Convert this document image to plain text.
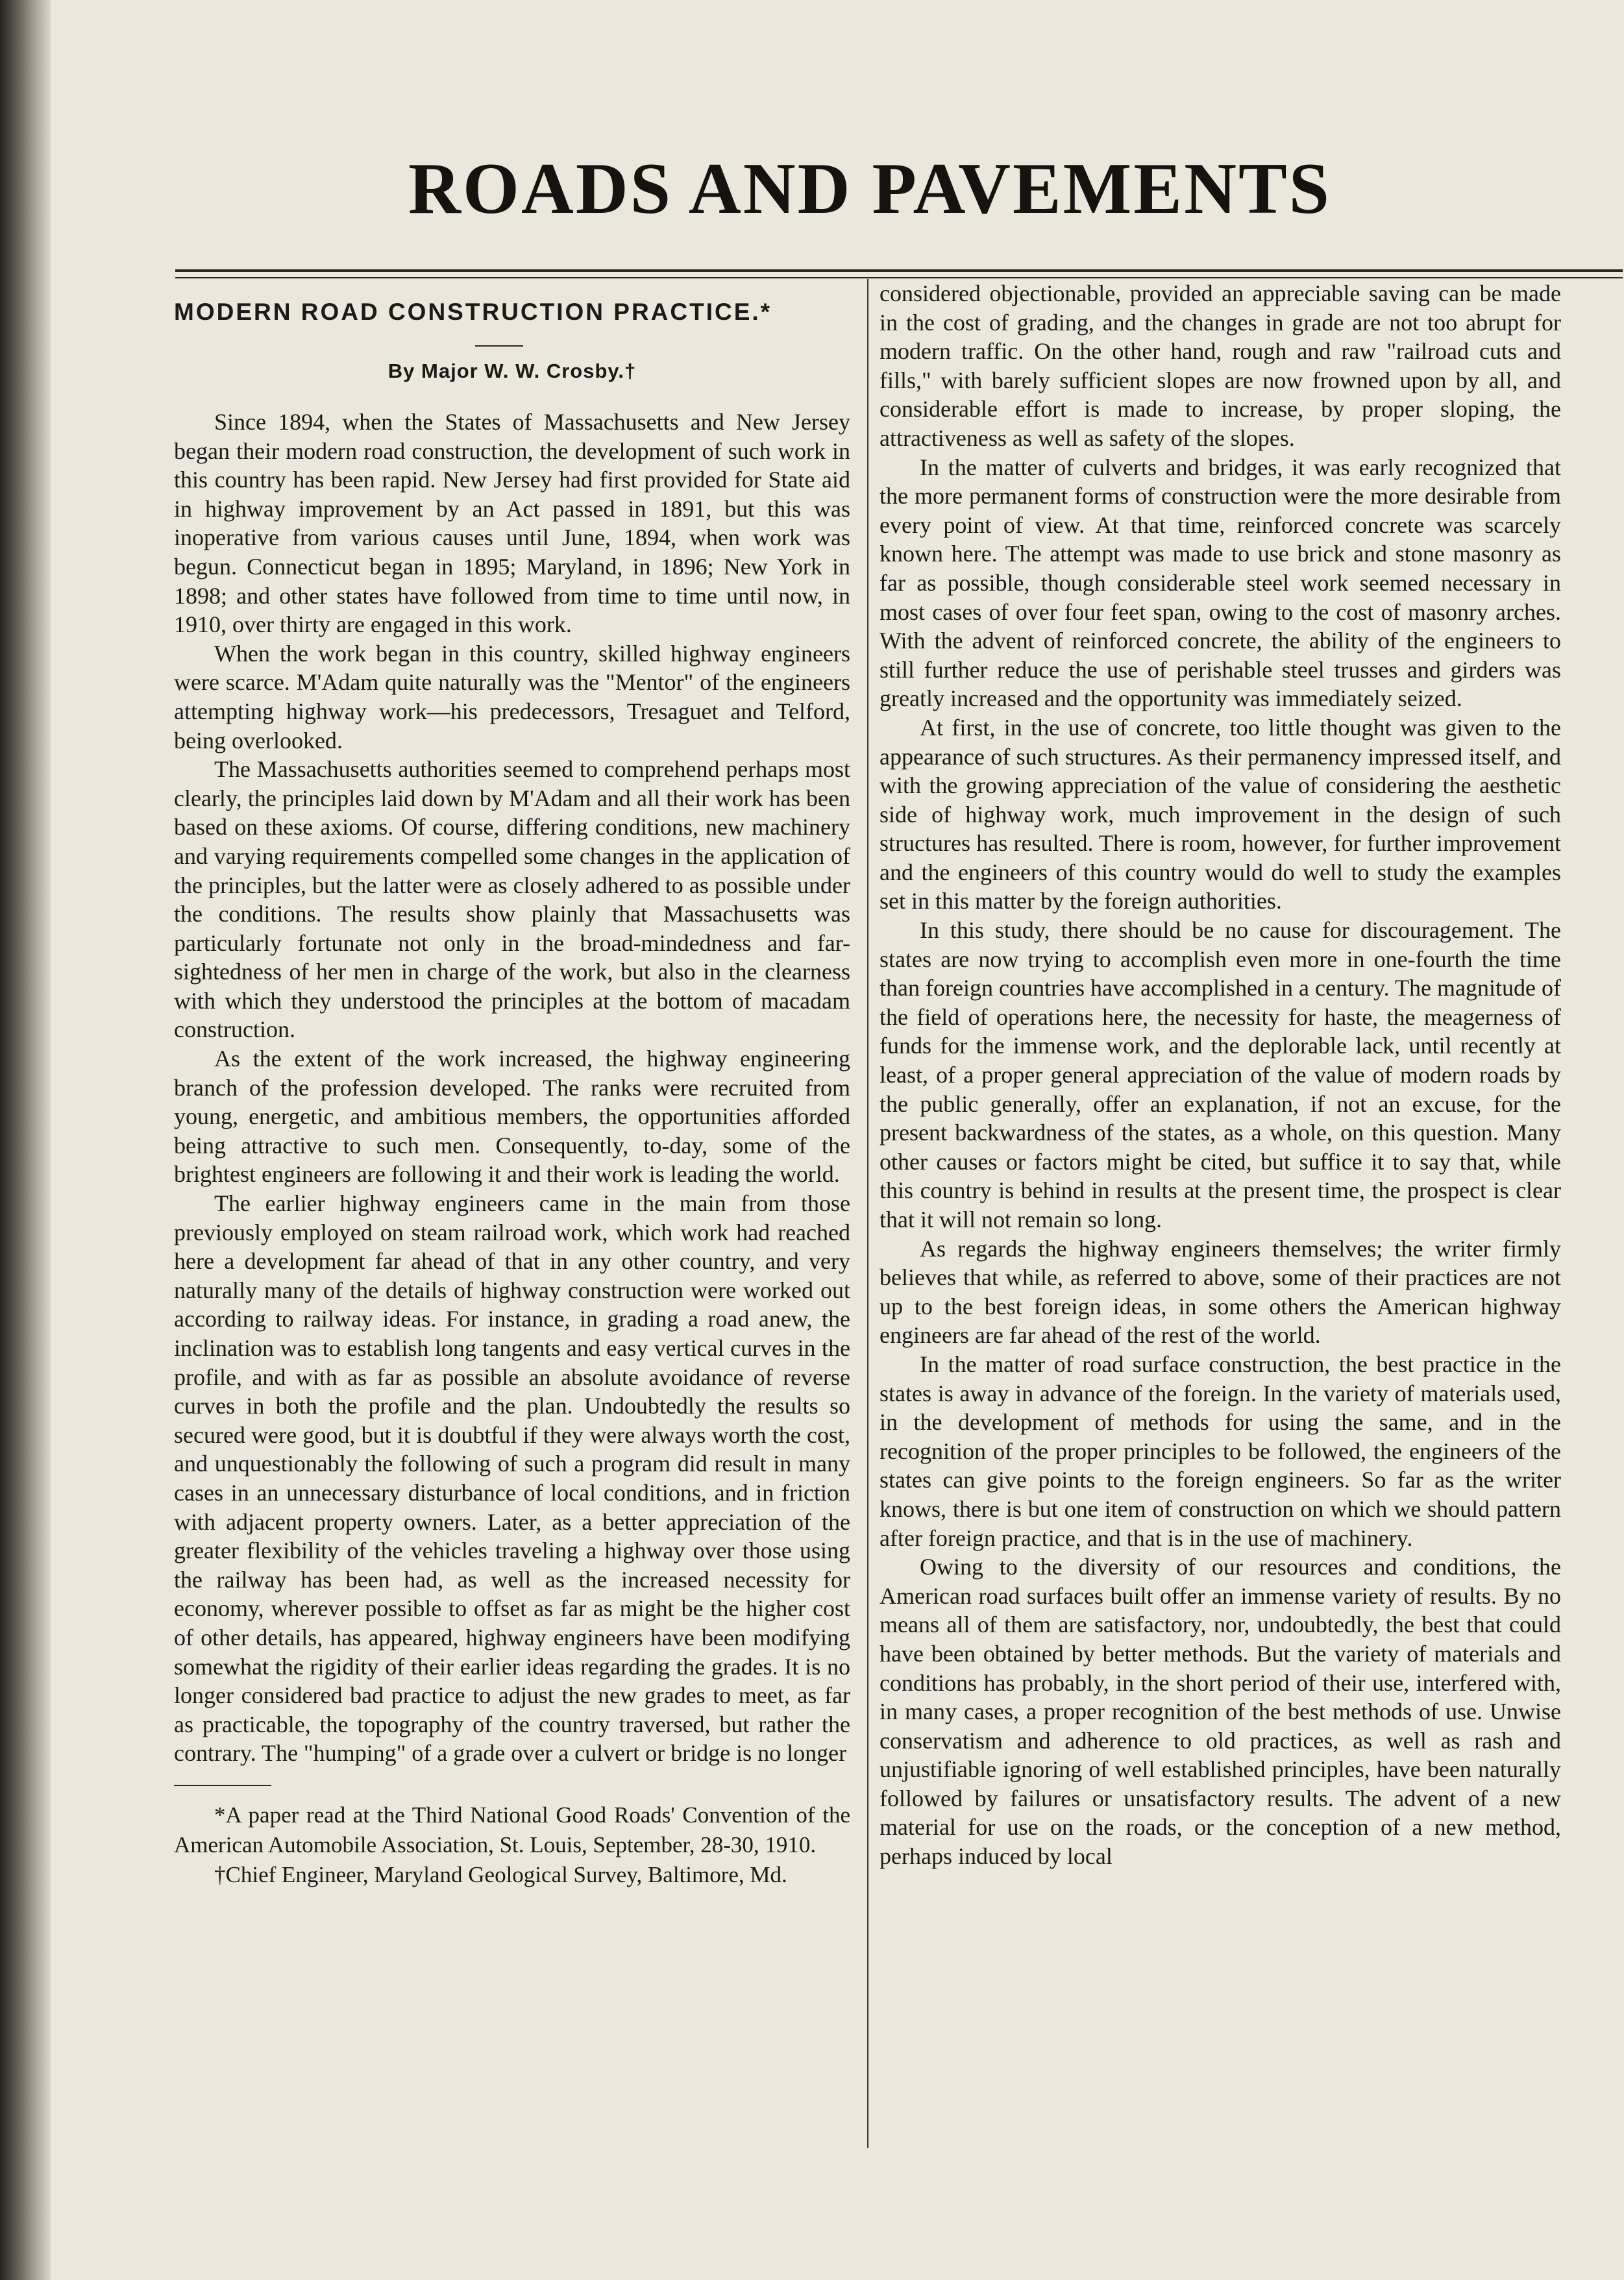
ROADS AND PAVEMENTS
MODERN ROAD CONSTRUCTION PRACTICE.*
By Major W. W. Crosby.†

Since 1894, when the States of Massachusetts and New Jersey began their modern road construction, the development of such work in this country has been rapid. New Jersey had first provided for State aid in highway improvement by an Act passed in 1891, but this was inoperative from various causes until June, 1894, when work was begun. Connecticut began in 1895; Maryland, in 1896; New York in 1898; and other states have followed from time to time until now, in 1910, over thirty are engaged in this work.

When the work began in this country, skilled highway engineers were scarce. M'Adam quite naturally was the "Mentor" of the engineers attempting highway work—his predecessors, Tresaguet and Telford, being overlooked.

The Massachusetts authorities seemed to comprehend perhaps most clearly, the principles laid down by M'Adam and all their work has been based on these axioms. Of course, differing conditions, new machinery and varying requirements compelled some changes in the application of the principles, but the latter were as closely adhered to as possible under the conditions. The results show plainly that Massachusetts was particularly fortunate not only in the broad-mindedness and far-sightedness of her men in charge of the work, but also in the clearness with which they understood the principles at the bottom of macadam construction.

As the extent of the work increased, the highway engineering branch of the profession developed. The ranks were recruited from young, energetic, and ambitious members, the opportunities afforded being attractive to such men. Consequently, to-day, some of the brightest engineers are following it and their work is leading the world.

The earlier highway engineers came in the main from those previously employed on steam railroad work, which work had reached here a development far ahead of that in any other country, and very naturally many of the details of highway construction were worked out according to railway ideas. For instance, in grading a road anew, the inclination was to establish long tangents and easy vertical curves in the profile, and with as far as possible an absolute avoidance of reverse curves in both the profile and the plan. Undoubtedly the results so secured were good, but it is doubtful if they were always worth the cost, and unquestionably the following of such a program did result in many cases in an unnecessary disturbance of local conditions, and in friction with adjacent property owners. Later, as a better appreciation of the greater flexibility of the vehicles traveling a highway over those using the railway has been had, as well as the increased necessity for economy, wherever possible to offset as far as might be the higher cost of other details, has appeared, highway engineers have been modifying somewhat the rigidity of their earlier ideas regarding the grades. It is no longer considered bad practice to adjust the new grades to meet, as far as practicable, the topography of the country traversed, but rather the contrary. The "humping" of a grade over a culvert or bridge is no longer

*A paper read at the Third National Good Roads' Convention of the American Automobile Association, St. Louis, September, 28-30, 1910.

†Chief Engineer, Maryland Geological Survey, Baltimore, Md.

considered objectionable, provided an appreciable saving can be made in the cost of grading, and the changes in grade are not too abrupt for modern traffic. On the other hand, rough and raw "railroad cuts and fills," with barely sufficient slopes are now frowned upon by all, and considerable effort is made to increase, by proper sloping, the attractiveness as well as safety of the slopes.

In the matter of culverts and bridges, it was early recognized that the more permanent forms of construction were the more desirable from every point of view. At that time, reinforced concrete was scarcely known here. The attempt was made to use brick and stone masonry as far as possible, though considerable steel work seemed necessary in most cases of over four feet span, owing to the cost of masonry arches. With the advent of reinforced concrete, the ability of the engineers to still further reduce the use of perishable steel trusses and girders was greatly increased and the opportunity was immediately seized.

At first, in the use of concrete, too little thought was given to the appearance of such structures. As their permanency impressed itself, and with the growing appreciation of the value of considering the aesthetic side of highway work, much improvement in the design of such structures has resulted. There is room, however, for further improvement and the engineers of this country would do well to study the examples set in this matter by the foreign authorities.

In this study, there should be no cause for discouragement. The states are now trying to accomplish even more in one-fourth the time than foreign countries have accomplished in a century. The magnitude of the field of operations here, the necessity for haste, the meagerness of funds for the immense work, and the deplorable lack, until recently at least, of a proper general appreciation of the value of modern roads by the public generally, offer an explanation, if not an excuse, for the present backwardness of the states, as a whole, on this question. Many other causes or factors might be cited, but suffice it to say that, while this country is behind in results at the present time, the prospect is clear that it will not remain so long.

As regards the highway engineers themselves; the writer firmly believes that while, as referred to above, some of their practices are not up to the best foreign ideas, in some others the American highway engineers are far ahead of the rest of the world.

In the matter of road surface construction, the best practice in the states is away in advance of the foreign. In the variety of materials used, in the development of methods for using the same, and in the recognition of the proper principles to be followed, the engineers of the states can give points to the foreign engineers. So far as the writer knows, there is but one item of construction on which we should pattern after foreign practice, and that is in the use of machinery.

Owing to the diversity of our resources and conditions, the American road surfaces built offer an immense variety of results. By no means all of them are satisfactory, nor, undoubtedly, the best that could have been obtained by better methods. But the variety of materials and conditions has probably, in the short period of their use, interfered with, in many cases, a proper recognition of the best methods of use. Unwise conservatism and adherence to old practices, as well as rash and unjustifiable ignoring of well established principles, have been naturally followed by failures or unsatisfactory results. The advent of a new material for use on the roads, or the conception of a new method, perhaps induced by local
